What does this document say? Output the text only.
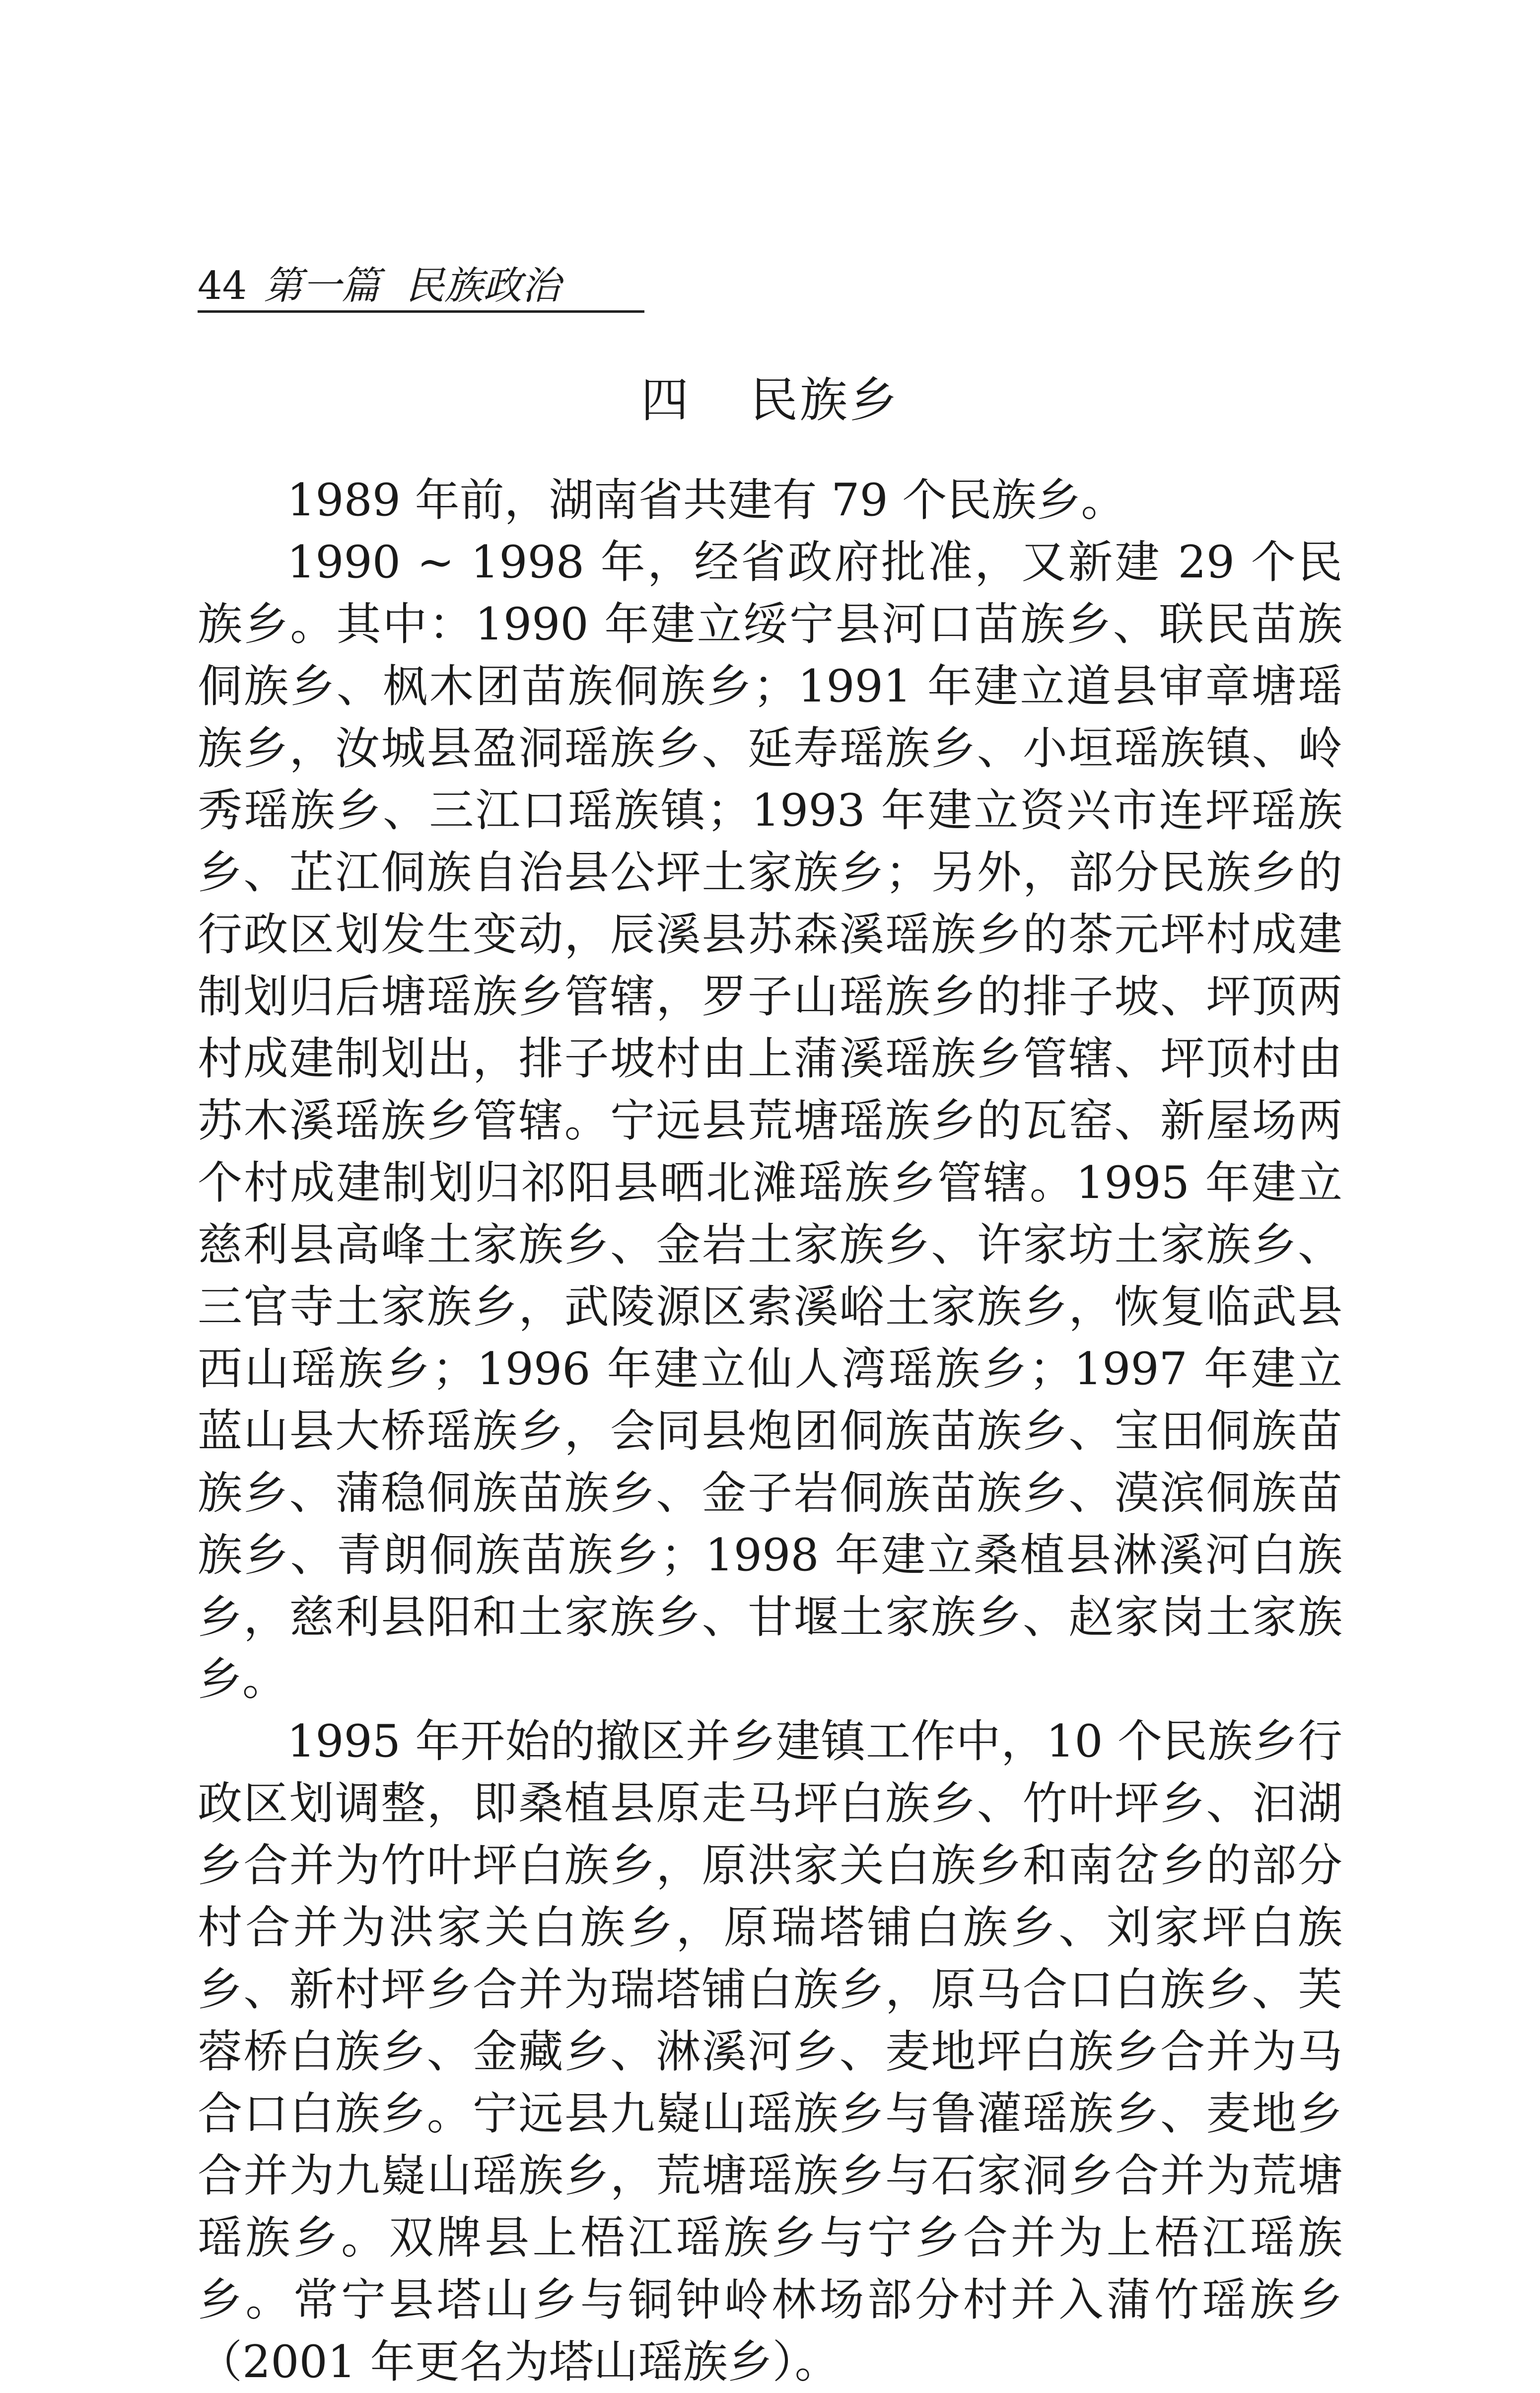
44 第一篇 民族政治
四 民族乡

1989 年前，湖南省共建有 79 个民族乡。

1990 ~ 1998 年，经省政府批准，又新建 29 个民族乡。其中：1990 年建立绥宁县河口苗族乡、联民苗族侗族乡、枫木团苗族侗族乡；1991 年建立道县审章塘瑶族乡，汝城县盈洞瑶族乡、延寿瑶族乡、小垣瑶族镇、岭秀瑶族乡、三江口瑶族镇；1993 年建立资兴市连坪瑶族乡、芷江侗族自治县公坪土家族乡；另外，部分民族乡的行政区划发生变动，辰溪县苏森溪瑶族乡的茶元坪村成建制划归后塘瑶族乡管辖，罗子山瑶族乡的排子坡、坪顶两村成建制划出，排子坡村由上蒲溪瑶族乡管辖、坪顶村由苏木溪瑶族乡管辖。宁远县荒塘瑶族乡的瓦窑、新屋场两个村成建制划归祁阳县晒北滩瑶族乡管辖。1995 年建立慈利县高峰土家族乡、金岩土家族乡、许家坊土家族乡、三官寺土家族乡，武陵源区索溪峪土家族乡，恢复临武县西山瑶族乡；1996 年建立仙人湾瑶族乡；1997 年建立蓝山县大桥瑶族乡，会同县炮团侗族苗族乡、宝田侗族苗族乡、蒲稳侗族苗族乡、金子岩侗族苗族乡、漠滨侗族苗族乡、青朗侗族苗族乡；1998 年建立桑植县淋溪河白族乡，慈利县阳和土家族乡、甘堰土家族乡、赵家岗土家族乡。

1995 年开始的撤区并乡建镇工作中，10 个民族乡行政区划调整，即桑植县原走马坪白族乡、竹叶坪乡、汩湖乡合并为竹叶坪白族乡，原洪家关白族乡和南岔乡的部分村合并为洪家关白族乡，原瑞塔铺白族乡、刘家坪白族乡、新村坪乡合并为瑞塔铺白族乡，原马合口白族乡、芙蓉桥白族乡、金藏乡、淋溪河乡、麦地坪白族乡合并为马合口白族乡。宁远县九嶷山瑶族乡与鲁灌瑶族乡、麦地乡合并为九嶷山瑶族乡，荒塘瑶族乡与石家洞乡合并为荒塘瑶族乡。双牌县上梧江瑶族乡与宁乡合并为上梧江瑶族乡。常宁县塔山乡与铜钟岭林场部分村并入蒲竹瑶族乡（2001 年更名为塔山瑶族乡）。
